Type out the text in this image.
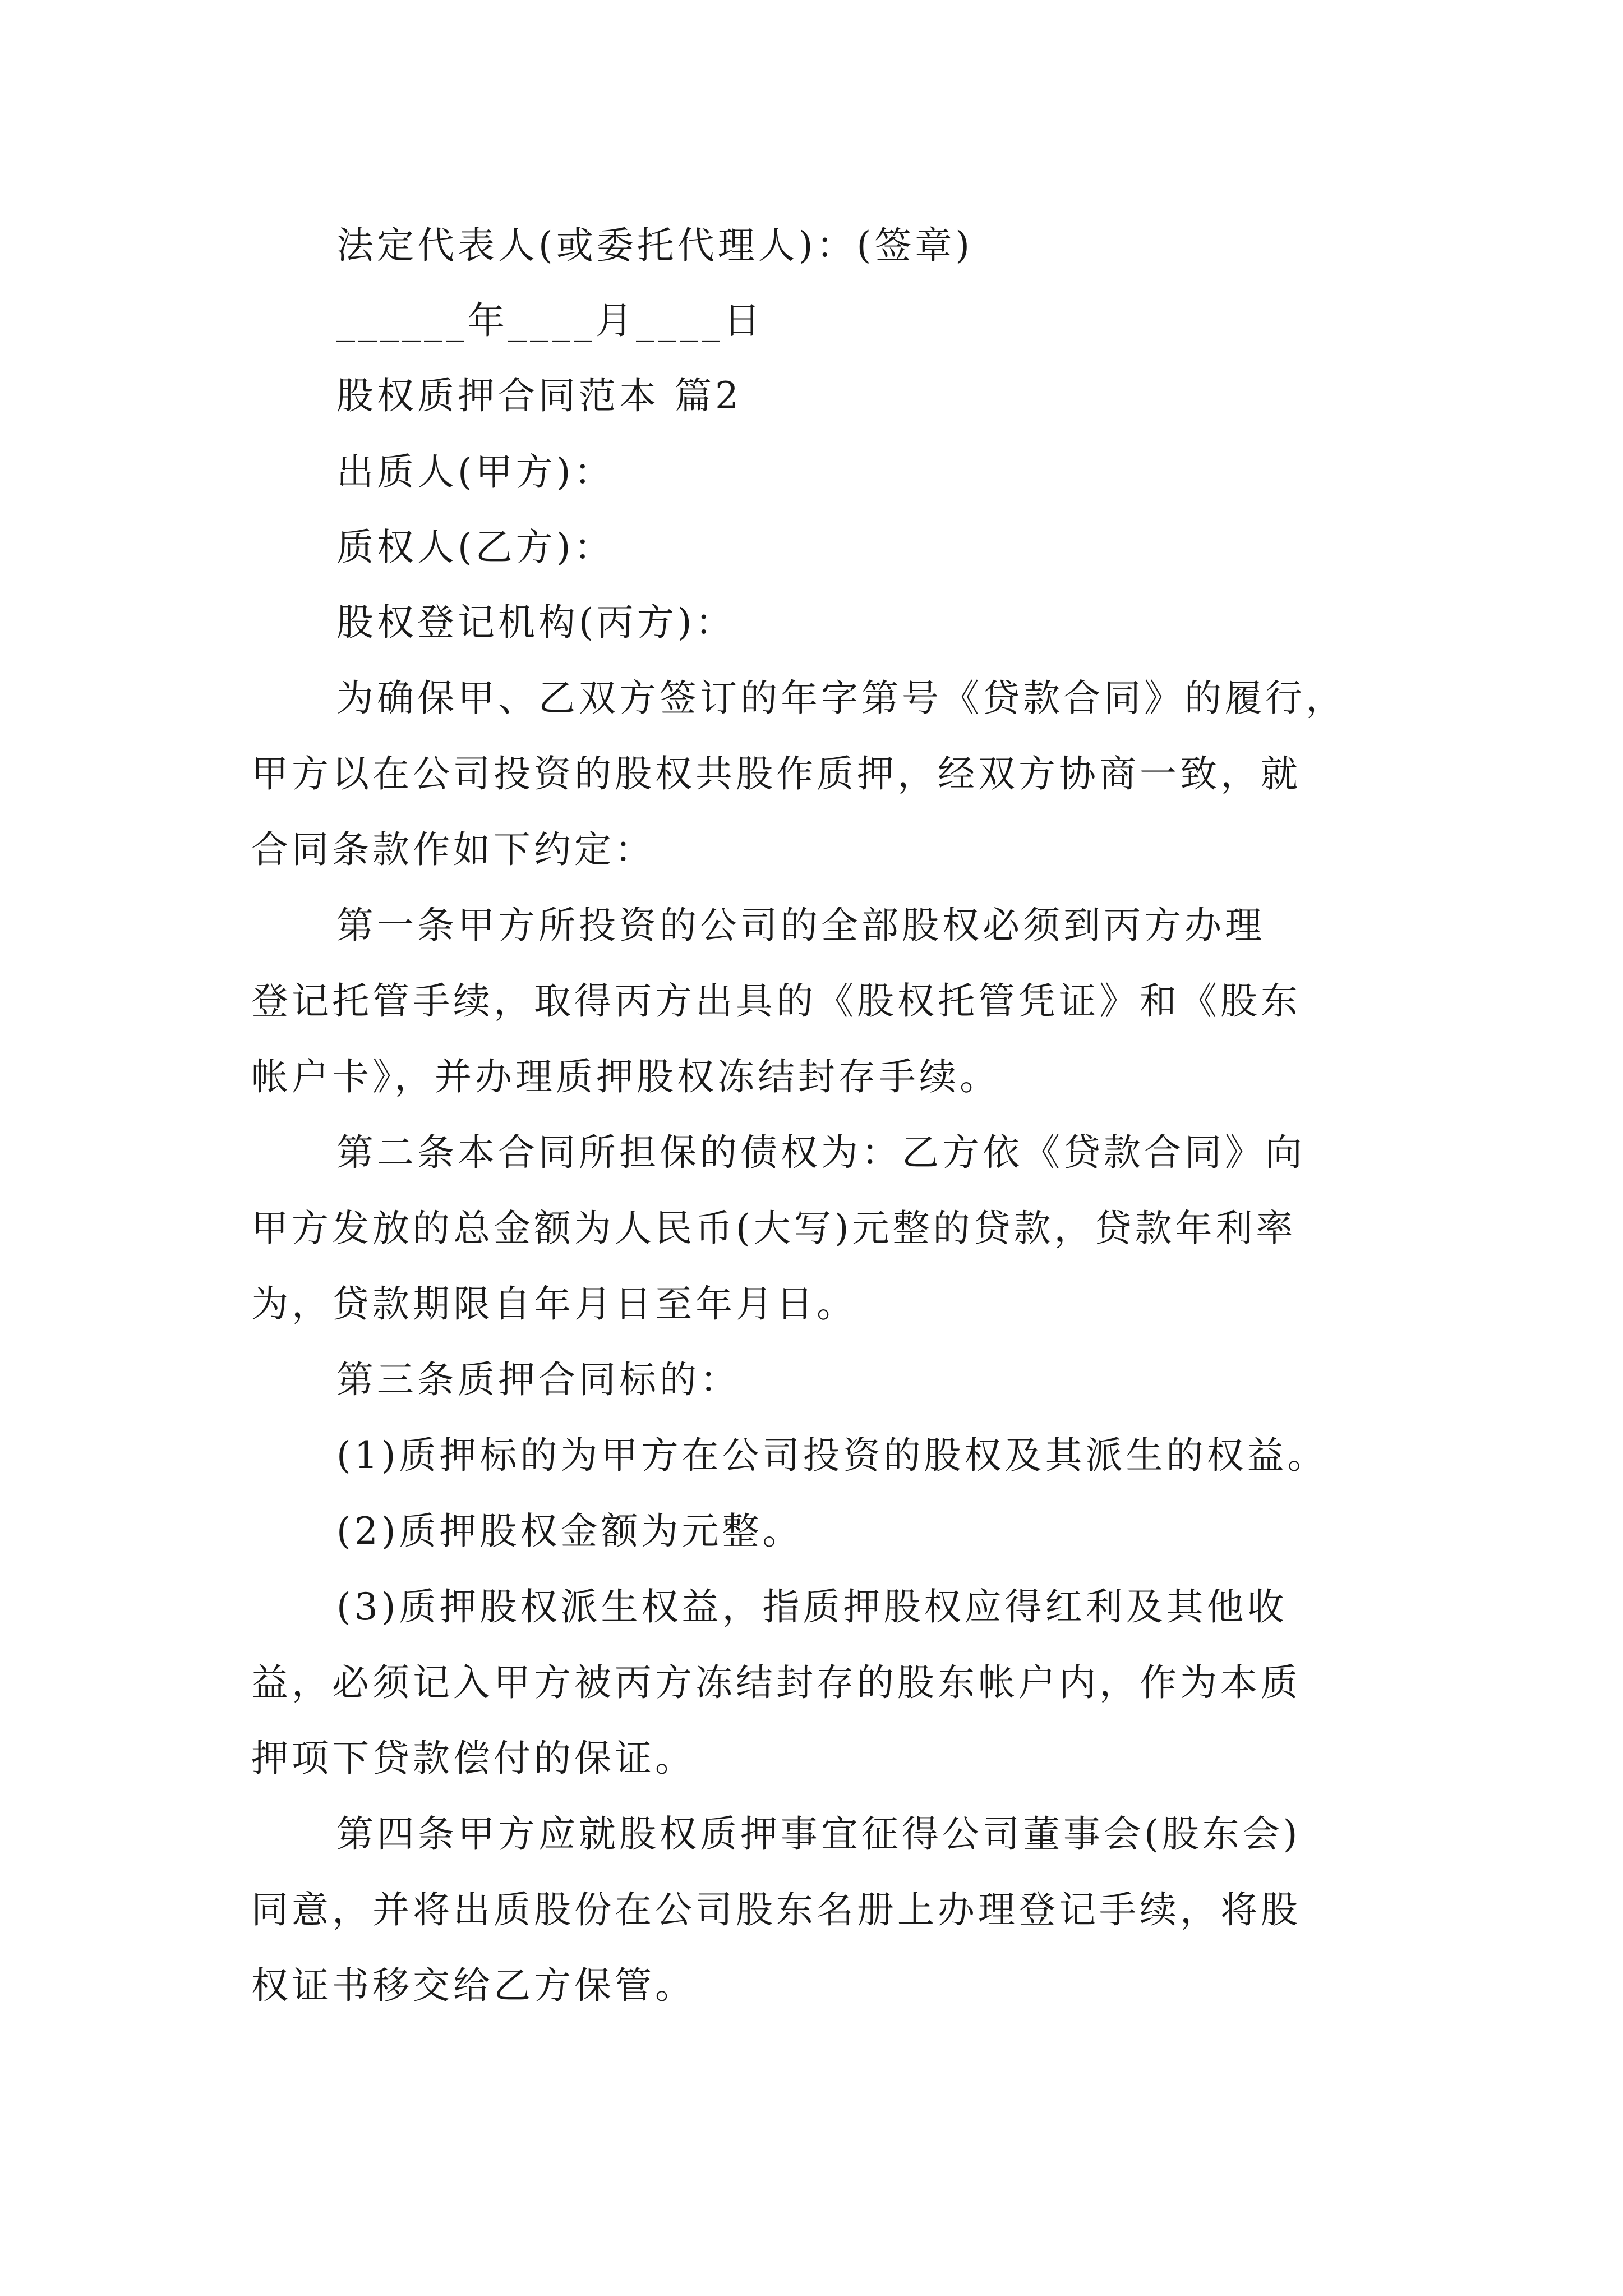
法定代表人(或委托代理人)：(签章)
______年____月____日
股权质押合同范本 篇2
出质人(甲方)：
质权人(乙方)：
股权登记机构(丙方)：
为确保甲、乙双方签订的年字第号《贷款合同》的履行，
甲方以在公司投资的股权共股作质押，经双方协商一致，就
合同条款作如下约定：
第一条甲方所投资的公司的全部股权必须到丙方办理
登记托管手续，取得丙方出具的《股权托管凭证》和《股东
帐户卡》，并办理质押股权冻结封存手续。
第二条本合同所担保的债权为：乙方依《贷款合同》向
甲方发放的总金额为人民币(大写)元整的贷款，贷款年利率
为，贷款期限自年月日至年月日。
第三条质押合同标的：
(1)质押标的为甲方在公司投资的股权及其派生的权益。
(2)质押股权金额为元整。
(3)质押股权派生权益，指质押股权应得红利及其他收
益，必须记入甲方被丙方冻结封存的股东帐户内，作为本质
押项下贷款偿付的保证。
第四条甲方应就股权质押事宜征得公司董事会(股东会)
同意，并将出质股份在公司股东名册上办理登记手续，将股
权证书移交给乙方保管。
